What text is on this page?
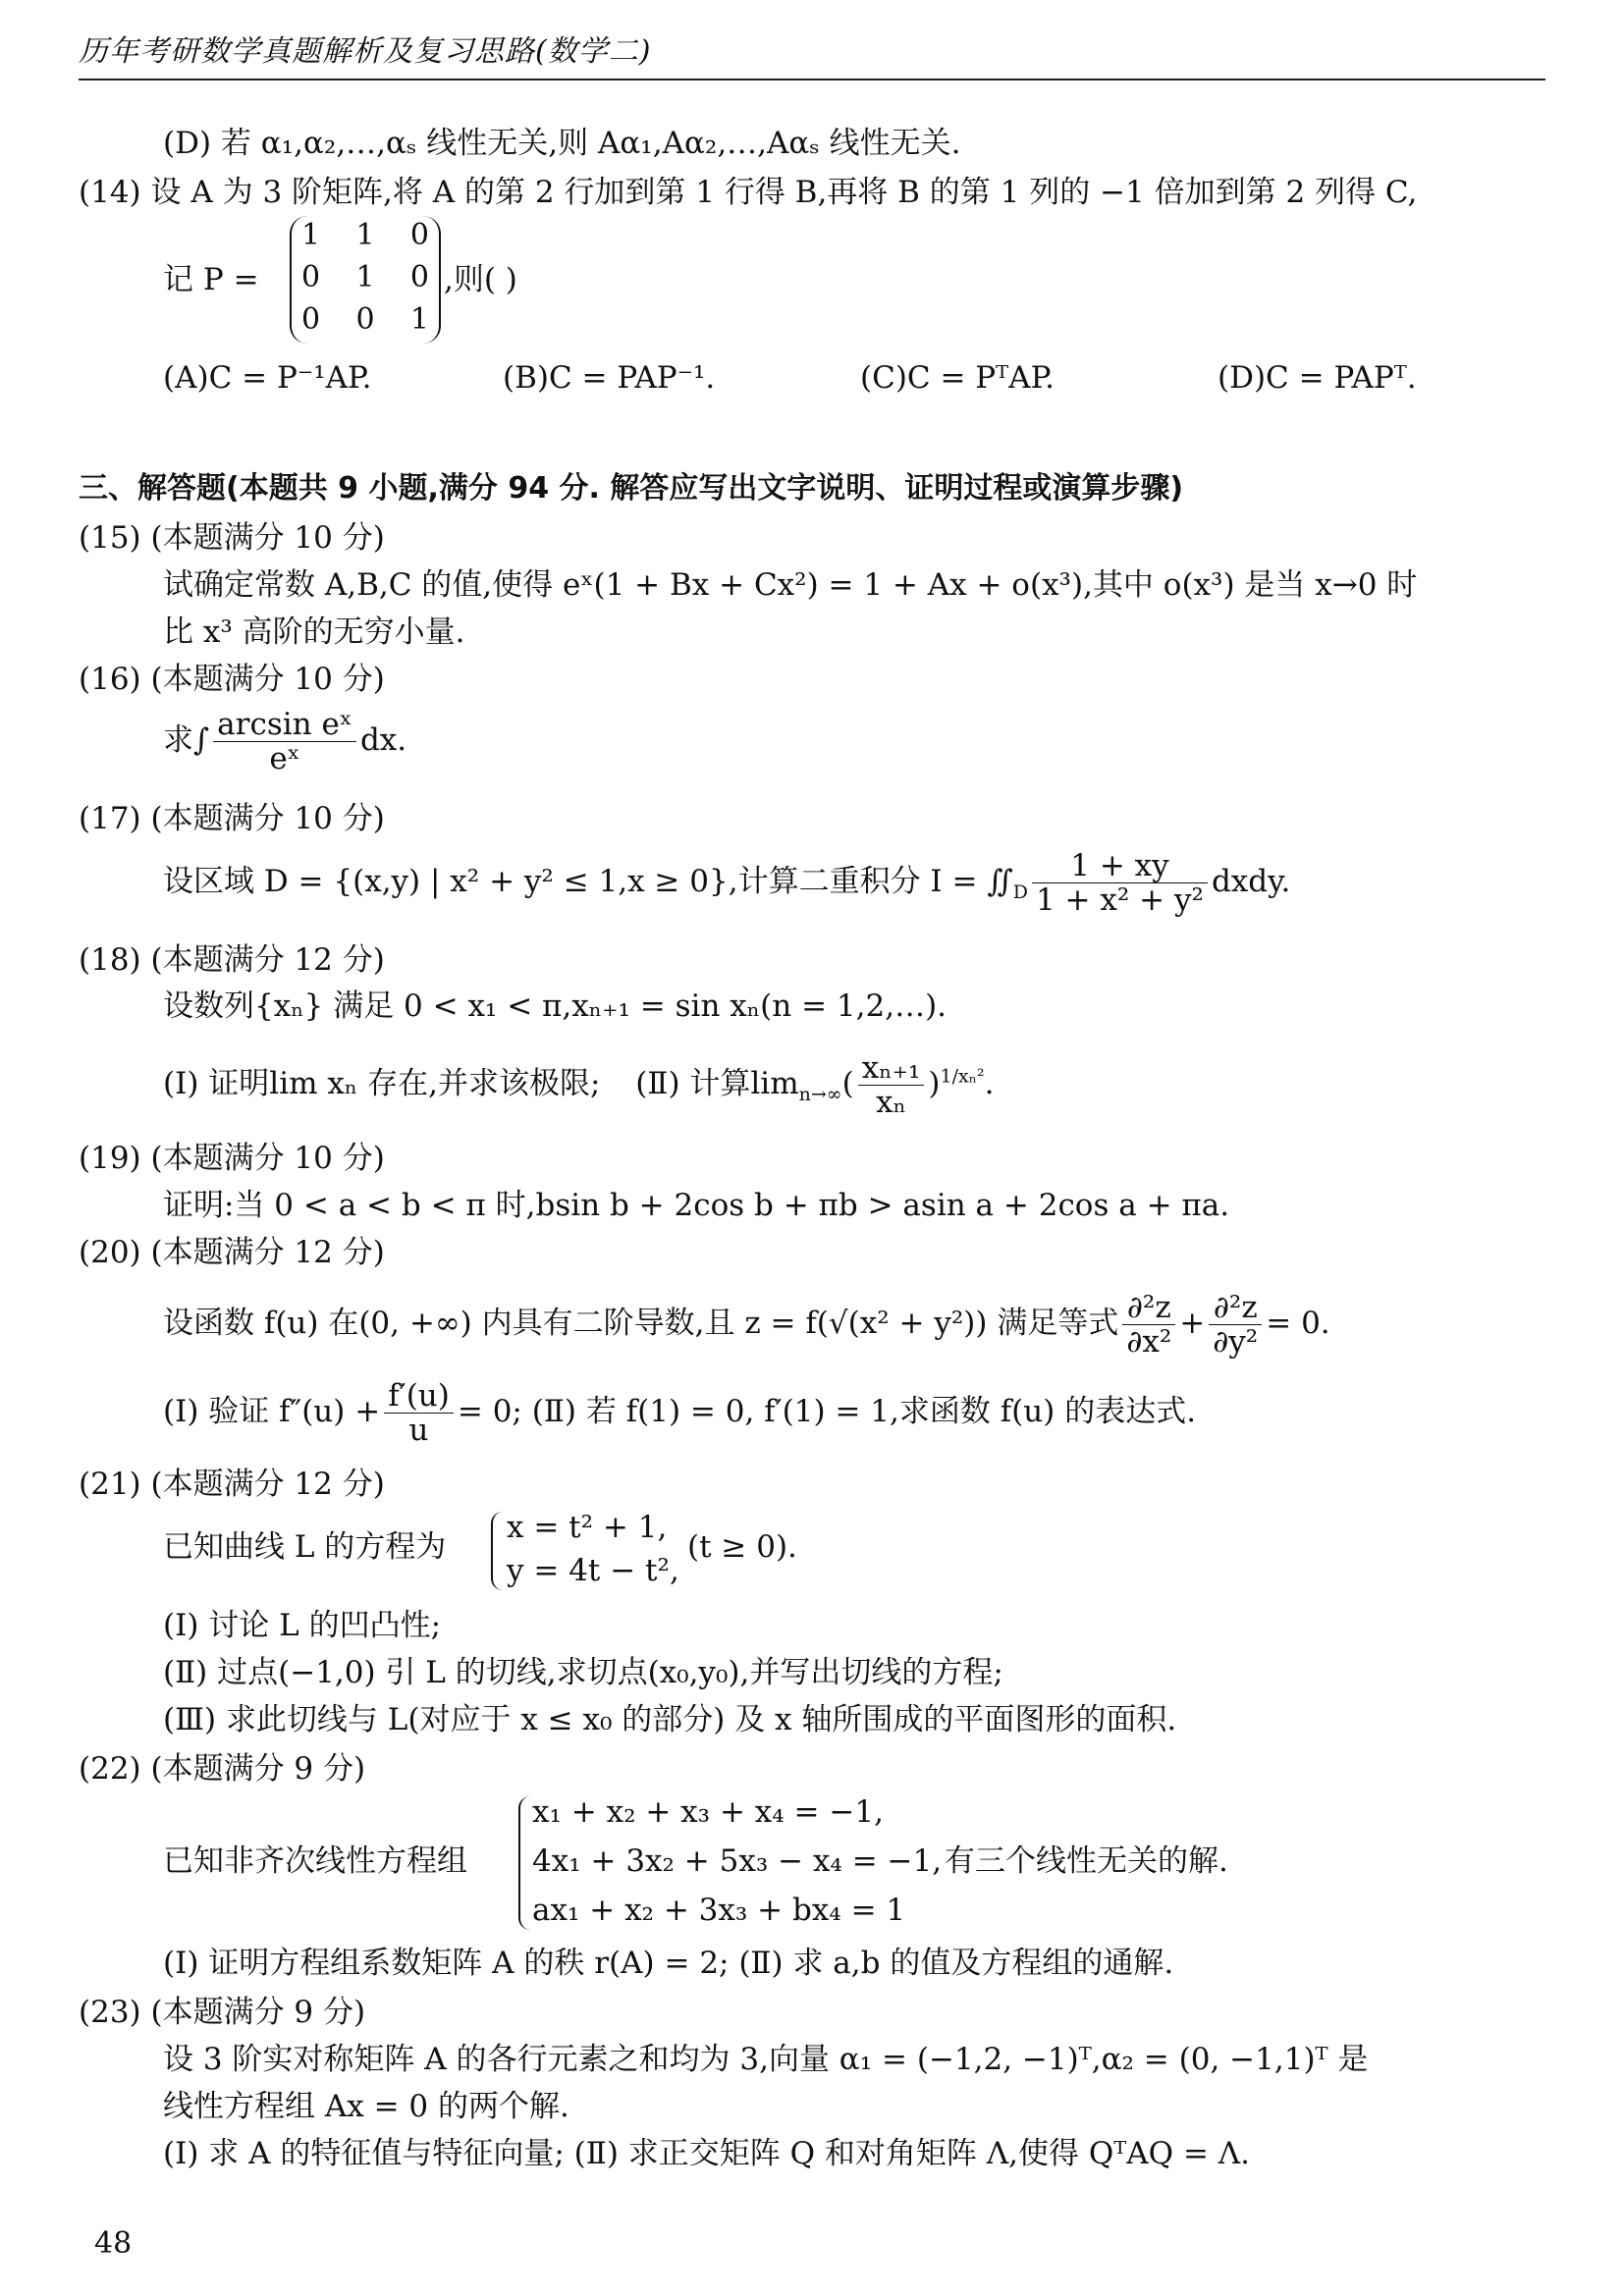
历年考研数学真题解析及复习思路(数学二)
(D) 若 α₁,α₂,…,αₛ 线性无关,则 Aα₁,Aα₂,…,Aαₛ 线性无关.
(14) 设 A 为 3 阶矩阵,将 A 的第 2 行加到第 1 行得 B,再将 B 的第 1 列的 −1 倍加到第 2 列得 C,
记 P =
1 1 0
0 1 0
0 0 1
,则( )
(A)C = P⁻¹AP.	(B)C = PAP⁻¹.	(C)C = PᵀAP.	(D)C = PAPᵀ.
三、解答题(本题共 9 小题,满分 94 分. 解答应写出文字说明、证明过程或演算步骤)
(15) (本题满分 10 分)
试确定常数 A,B,C 的值,使得 eˣ(1 + Bx + Cx²) = 1 + Ax + o(x³),其中 o(x³) 是当 x→0 时
比 x³ 高阶的无穷小量.
(16) (本题满分 10 分)
求∫ $\frac{\text{arcsin eˣ}}{\text{eˣ}}$ dx.
(17) (本题满分 10 分)
设区域 D = {(x,y) | x² + y² ≤ 1,x ≥ 0},计算二重积分 $I = ∬_D \frac{1 + xy}{\text{1 + x² + y²}}$ dxdy.
(18) (本题满分 12 分)
设数列{xₙ} 满足 0 < x₁ < π,xₙ₊₁ = sin xₙ(n = 1,2,…).
(Ⅰ) 证明lim xₙ 存在,并求该极限; (Ⅱ) 计算$\lim_{n\to\infty}( \frac{\text{xₙ₊₁}}{\text{xₙ}} )^{1/x_n^2}$.
(19) (本题满分 10 分)
证明:当 0 < a < b < π 时,bsin b + 2cos b + πb > asin a + 2cos a + πa.
(20) (本题满分 12 分)
设函数 f(u) 在(0, +∞) 内具有二阶导数,且 z = f(√(x² + y²)) 满足等式 $\frac{\text{∂²z}}{\text{∂x²}} + \frac{\text{∂²z}}{\text{∂y²}} = 0$.
(Ⅰ) 验证 $f''(u) + \frac{f'(u)}{u} = 0$; (Ⅱ) 若 f(1) = 0, f′(1) = 1,求函数 f(u) 的表达式.
(21) (本题满分 12 分)
已知曲线 L 的方程为
x = t² + 1,
y = 4t − t²,
(t ≥ 0).
(Ⅰ) 讨论 L 的凹凸性;
(Ⅱ) 过点(−1,0) 引 L 的切线,求切点(x₀,y₀),并写出切线的方程;
(Ⅲ) 求此切线与 L(对应于 x ≤ x₀ 的部分) 及 x 轴所围成的平面图形的面积.
(22) (本题满分 9 分)
已知非齐次线性方程组
x₁ + x₂ + x₃ + x₄ = −1,
4x₁ + 3x₂ + 5x₃ − x₄ = −1,
ax₁ + x₂ + 3x₃ + bx₄ = 1
有三个线性无关的解.
(Ⅰ) 证明方程组系数矩阵 A 的秩 r(A) = 2; (Ⅱ) 求 a,b 的值及方程组的通解.
(23) (本题满分 9 分)
设 3 阶实对称矩阵 A 的各行元素之和均为 3,向量 α₁ = (−1,2, −1)ᵀ,α₂ = (0, −1,1)ᵀ 是
线性方程组 Ax = 0 的两个解.
(Ⅰ) 求 A 的特征值与特征向量; (Ⅱ) 求正交矩阵 Q 和对角矩阵 Λ,使得 QᵀAQ = Λ.
48
